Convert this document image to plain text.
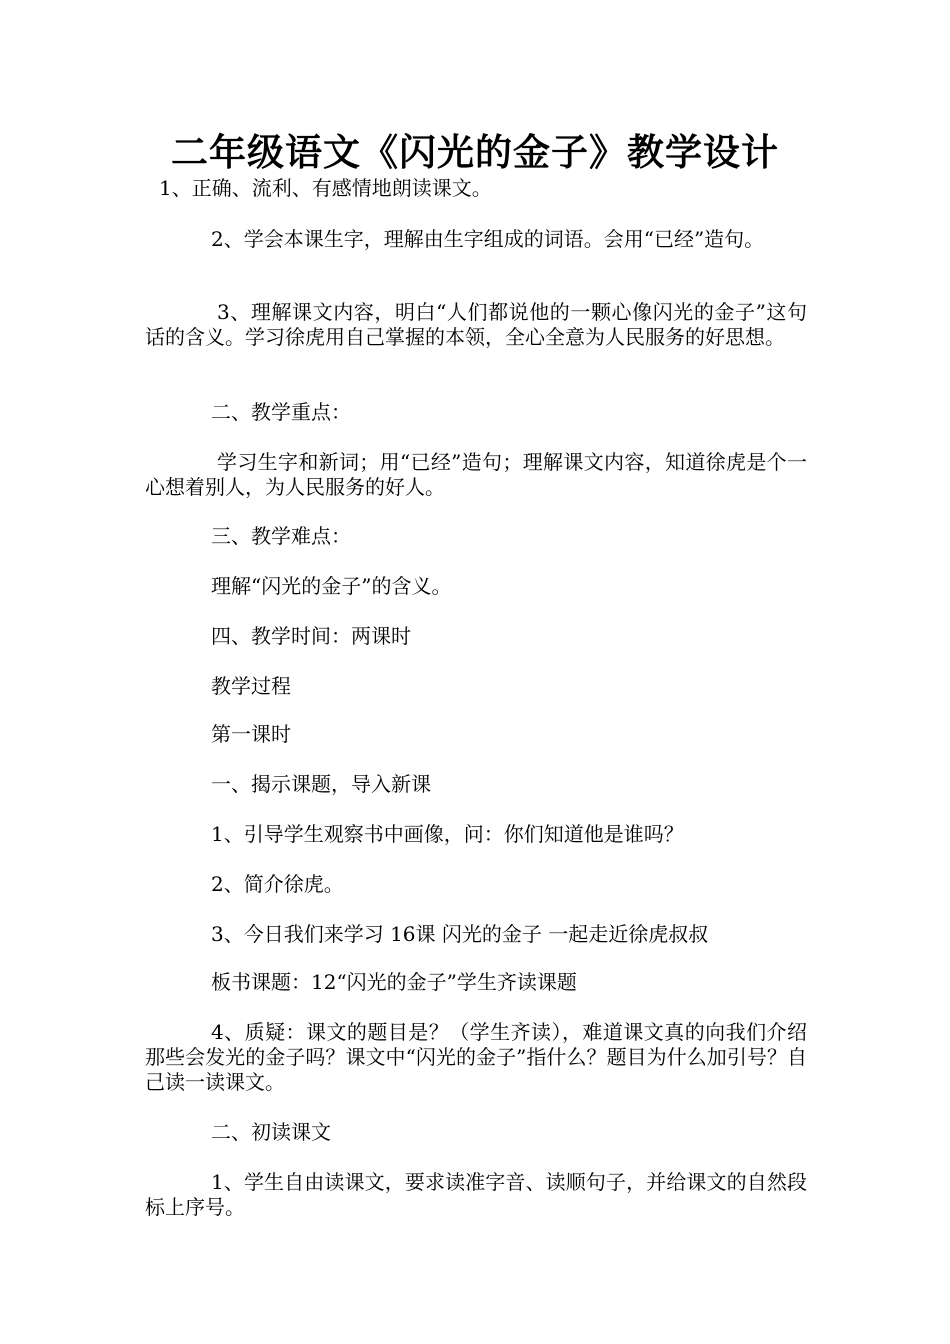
二年级语文《闪光的金子》教学设计

1、正确、流利、有感情地朗读课文。

2、学会本课生字，理解由生字组成的词语。会用“已经”造句。

3、理解课文内容，明白“人们都说他的一颗心像闪光的金子”这句话的含义。学习徐虎用自己掌握的本领，全心全意为人民服务的好思想。

二、教学重点：

学习生字和新词；用“已经”造句；理解课文内容，知道徐虎是个一心想着别人，为人民服务的好人。

三、教学难点：

理解“闪光的金子”的含义。

四、教学时间：两课时

教学过程

第一课时

一、揭示课题，导入新课

1、引导学生观察书中画像，问：你们知道他是谁吗？

2、简介徐虎。

3、今日我们来学习 16课 闪光的金子 一起走近徐虎叔叔

板书课题：12“闪光的金子”学生齐读课题

4、质疑：课文的题目是？（学生齐读），难道课文真的向我们介绍那些会发光的金子吗？课文中“闪光的金子”指什么？题目为什么加引号？自己读一读课文。

二、初读课文

1、学生自由读课文，要求读准字音、读顺句子，并给课文的自然段标上序号。
